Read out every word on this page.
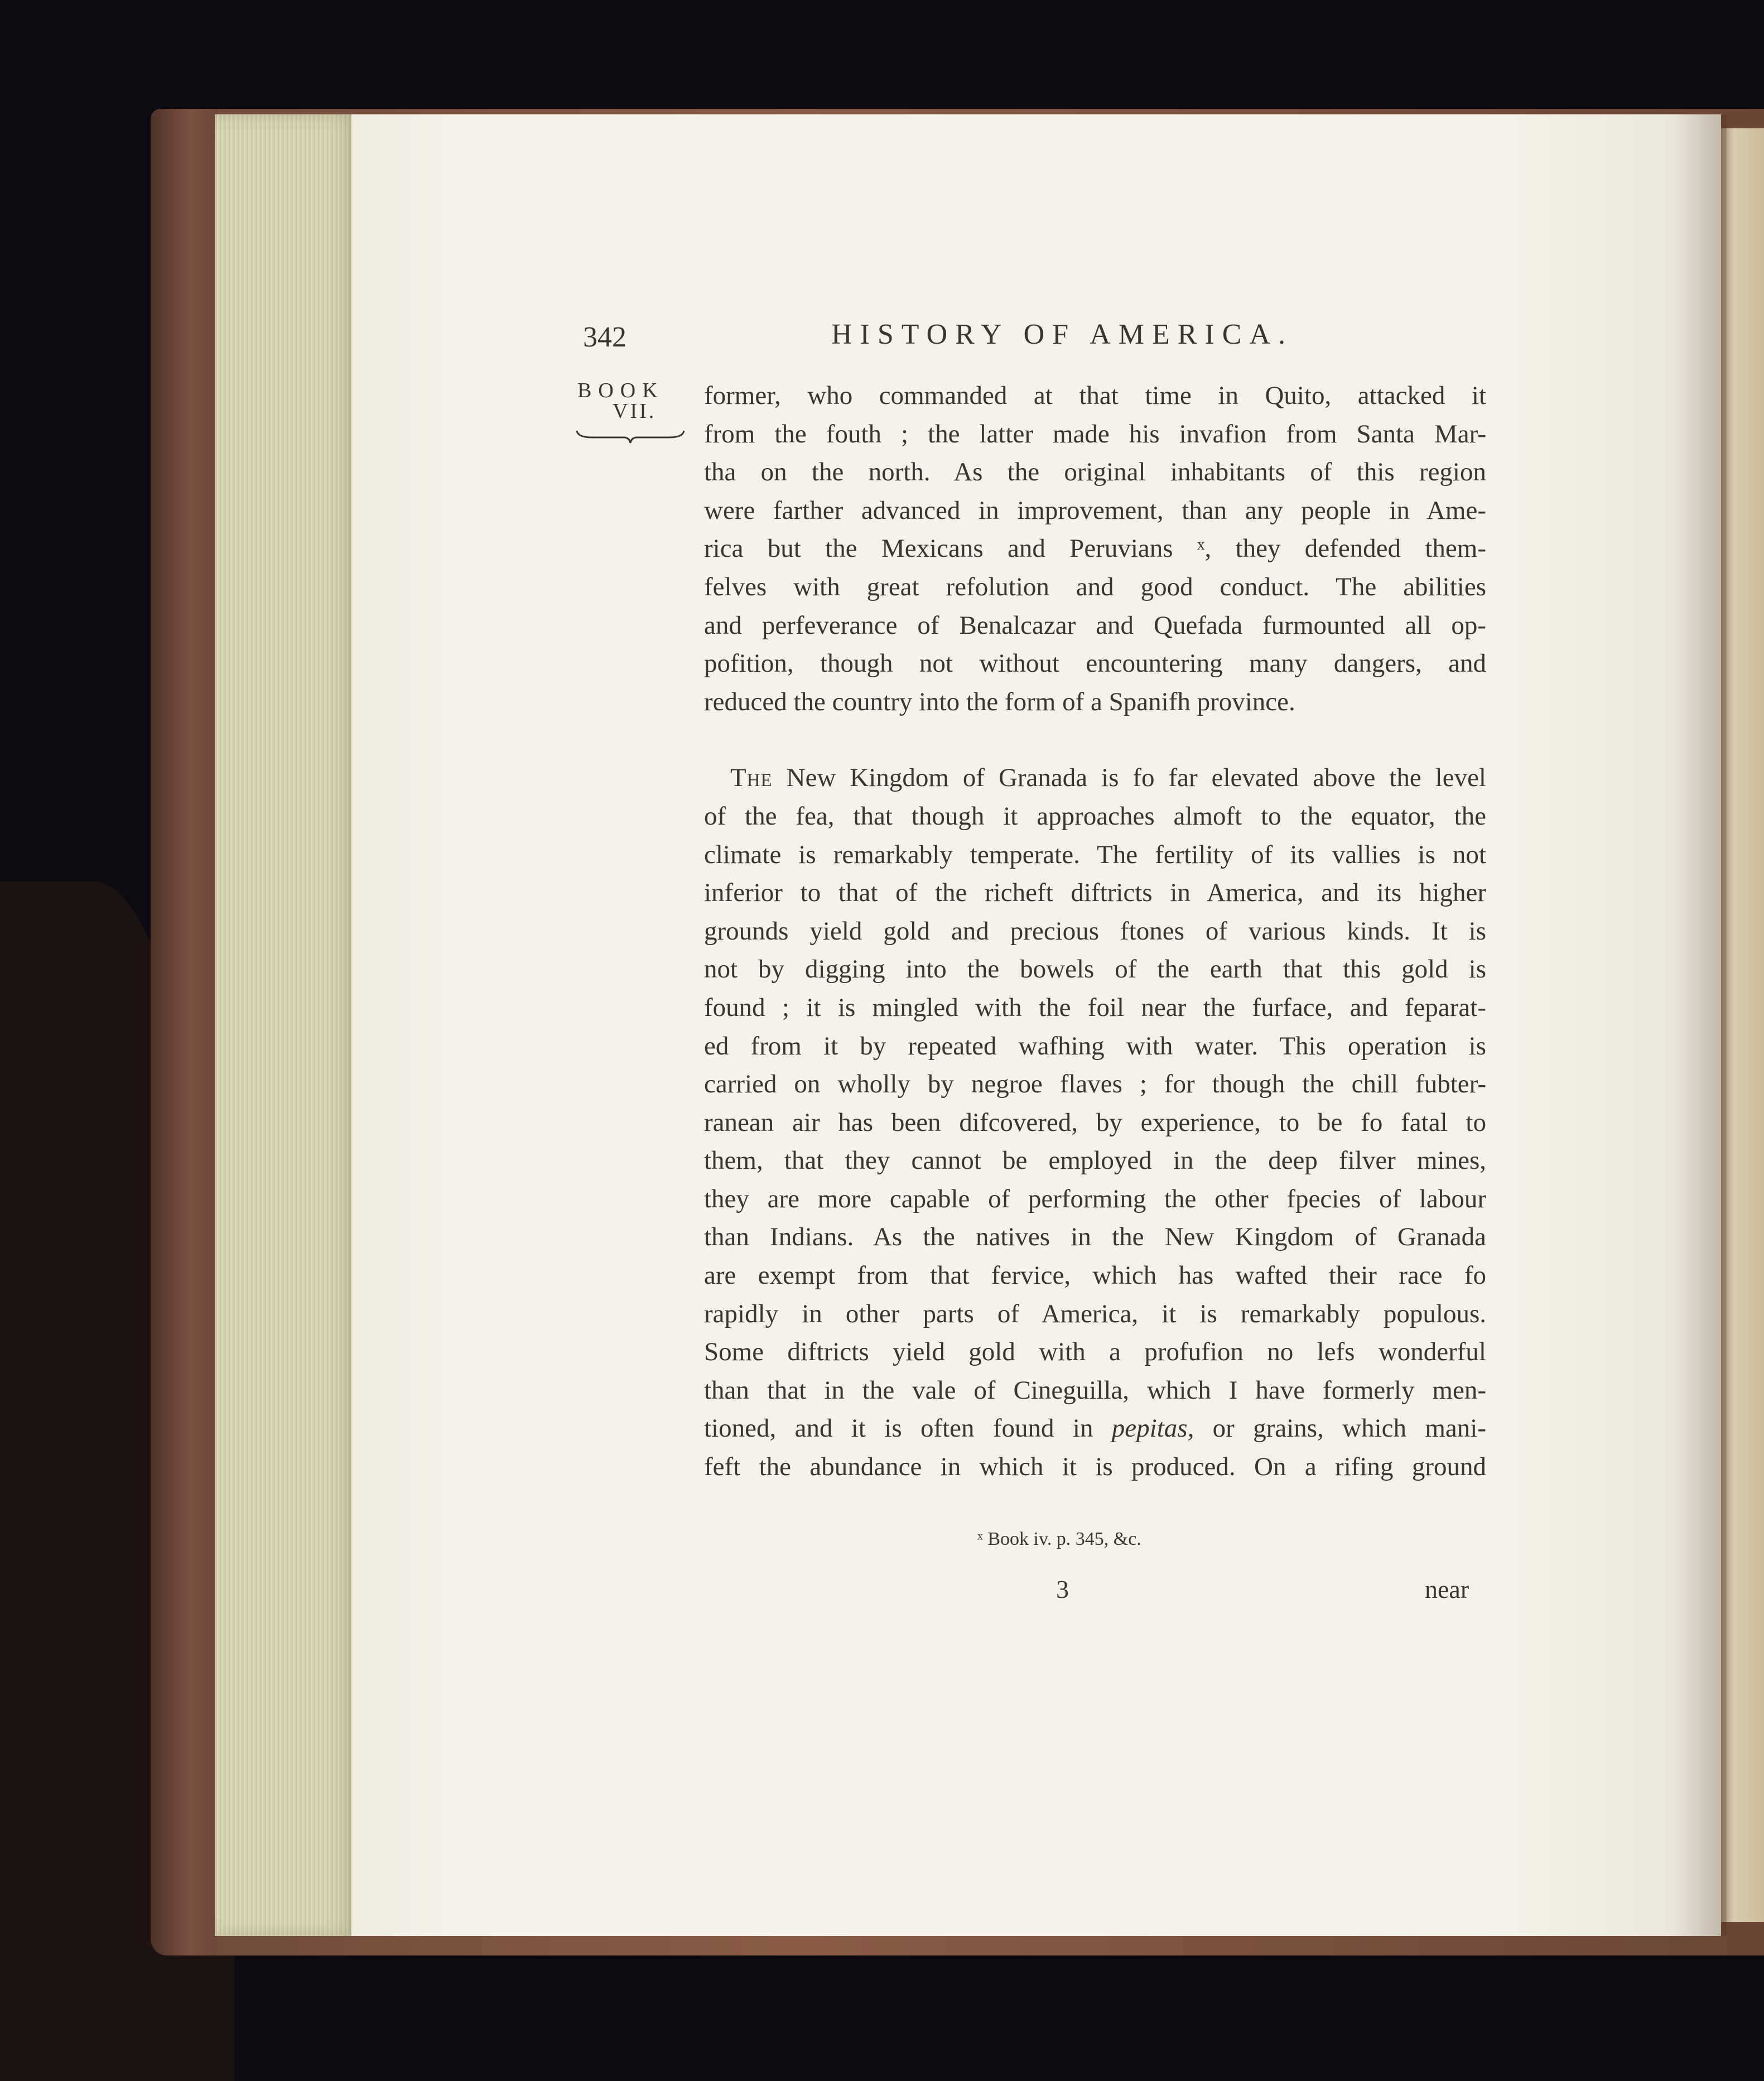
342	HISTORY OF AMERICA.
BOOK
VII.
former, who commanded at that time in Quito, attacked it
from the fouth ; the latter made his invafion from Santa Mar-
tha on the north. As the original inhabitants of this region
were farther advanced in improvement, than any people in Ame-
rica but the Mexicans and Peruvians ˣ, they defended them-
felves with great refolution and good conduct. The abilities
and perfeverance of Benalcazar and Quefada furmounted all op-
pofition, though not without encountering many dangers, and
reduced the country into the form of a Spanifh province.
 The New Kingdom of Granada is fo far elevated above the level
of the fea, that though it approaches almoft to the equator, the
climate is remarkably temperate. The fertility of its vallies is not
inferior to that of the richeft diftricts in America, and its higher
grounds yield gold and precious ftones of various kinds. It is
not by digging into the bowels of the earth that this gold is
found ; it is mingled with the foil near the furface, and feparat-
ed from it by repeated wafhing with water. This operation is
carried on wholly by negroe flaves ; for though the chill fubter-
ranean air has been difcovered, by experience, to be fo fatal to
them, that they cannot be employed in the deep filver mines,
they are more capable of performing the other fpecies of labour
than Indians. As the natives in the New Kingdom of Granada
are exempt from that fervice, which has wafted their race fo
rapidly in other parts of America, it is remarkably populous.
Some diftricts yield gold with a profufion no lefs wonderful
than that in the vale of Cineguilla, which I have formerly men-
tioned, and it is often found in pepitas, or grains, which mani-
feft the abundance in which it is produced. On a rifing ground
ˣ Book iv. p. 345, &c.
3	near
